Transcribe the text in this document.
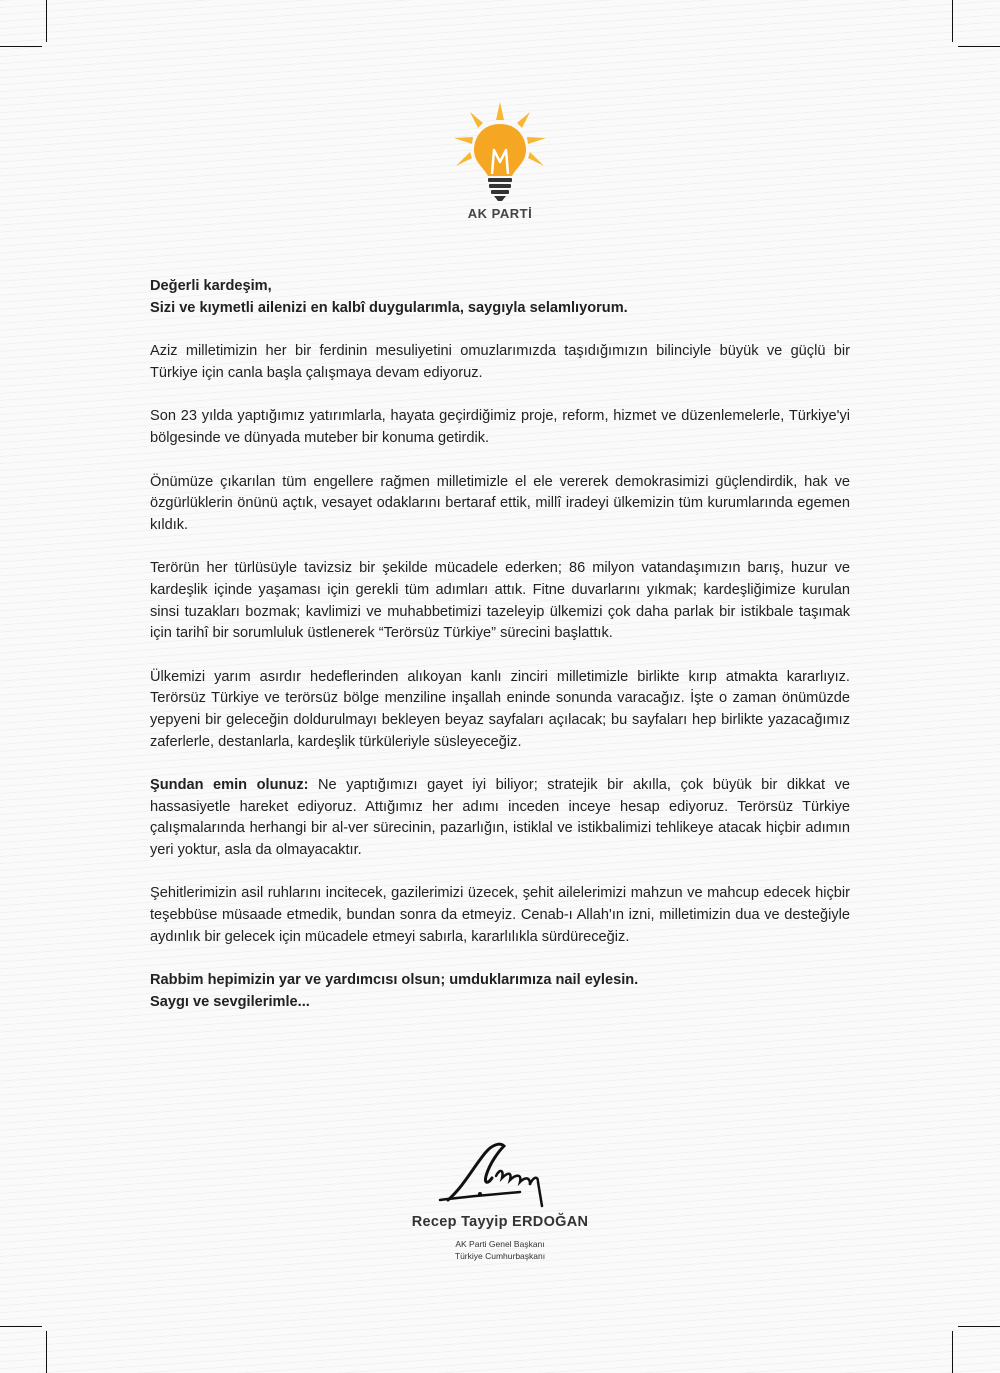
AK PARTİ

Değerli kardeşim,
Sizi ve kıymetli ailenizi en kalbî duygularımla, saygıyla selamlıyorum.

Aziz milletimizin her bir ferdinin mesuliyetini omuzlarımızda taşıdığımızın bilinciyle büyük ve güçlü bir Türkiye için canla başla çalışmaya devam ediyoruz.

Son 23 yılda yaptığımız yatırımlarla, hayata geçirdiğimiz proje, reform, hizmet ve düzenlemelerle, Türkiye'yi bölgesinde ve dünyada muteber bir konuma getirdik.

Önümüze çıkarılan tüm engellere rağmen milletimizle el ele vererek demokrasimizi güçlendirdik, hak ve özgürlüklerin önünü açtık, vesayet odaklarını bertaraf ettik, millî iradeyi ülkemizin tüm kurumlarında egemen kıldık.

Terörün her türlüsüyle tavizsiz bir şekilde mücadele ederken; 86 milyon vatandaşımızın barış, huzur ve kardeşlik içinde yaşaması için gerekli tüm adımları attık. Fitne duvarlarını yıkmak; kardeşliğimize kurulan sinsi tuzakları bozmak; kavlimizi ve muhabbetimizi tazeleyip ülkemizi çok daha parlak bir istikbale taşımak için tarihî bir sorumluluk üstlenerek “Terörsüz Türkiye” sürecini başlattık.

Ülkemizi yarım asırdır hedeflerinden alıkoyan kanlı zinciri milletimizle birlikte kırıp atmakta kararlıyız. Terörsüz Türkiye ve terörsüz bölge menziline inşallah eninde sonunda varacağız. İşte o zaman önümüzde yepyeni bir geleceğin doldurulmayı bekleyen beyaz sayfaları açılacak; bu sayfaları hep birlikte yazacağımız zaferlerle, destanlarla, kardeşlik türküleriyle süsleyeceğiz.

Şundan emin olunuz: Ne yaptığımızı gayet iyi biliyor; stratejik bir akılla, çok büyük bir dikkat ve hassasiyetle hareket ediyoruz. Attığımız her adımı inceden inceye hesap ediyoruz. Terörsüz Türkiye çalışmalarında herhangi bir al-ver sürecinin, pazarlığın, istiklal ve istikbalimizi tehlikeye atacak hiçbir adımın yeri yoktur, asla da olmayacaktır.

Şehitlerimizin asil ruhlarını incitecek, gazilerimizi üzecek, şehit ailelerimizi mahzun ve mahcup edecek hiçbir teşebbüse müsaade etmedik, bundan sonra da etmeyiz. Cenab-ı Allah'ın izni, milletimizin dua ve desteğiyle aydınlık bir gelecek için mücadele etmeyi sabırla, kararlılıkla sürdüreceğiz.

Rabbim hepimizin yar ve yardımcısı olsun; umduklarımıza nail eylesin.
Saygı ve sevgilerimle...

Recep Tayyip ERDOĞAN
AK Parti Genel Başkanı
Türkiye Cumhurbaşkanı
